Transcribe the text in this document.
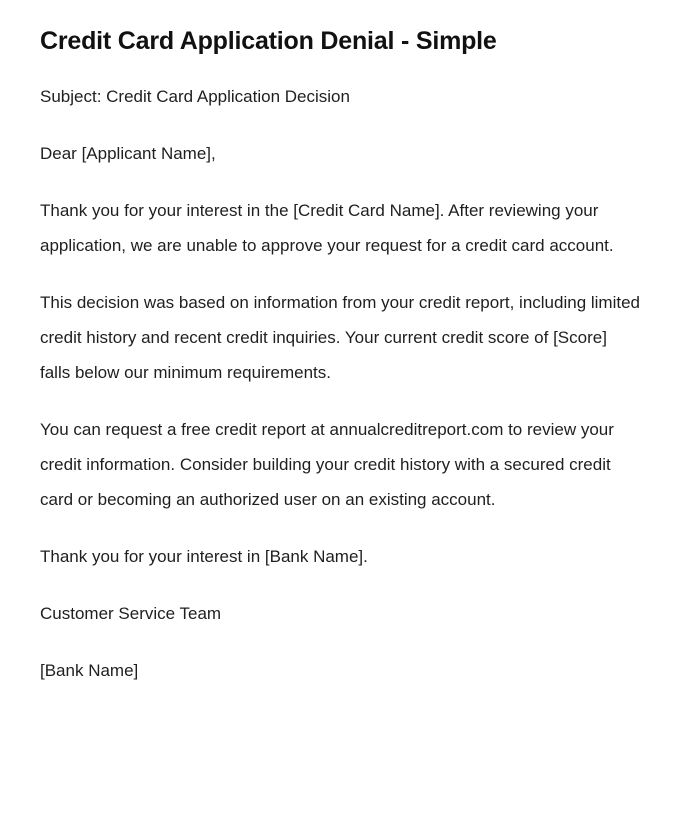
Credit Card Application Denial - Simple

Subject: Credit Card Application Decision

Dear [Applicant Name],

Thank you for your interest in the [Credit Card Name]. After reviewing your application, we are unable to approve your request for a credit card account.

This decision was based on information from your credit report, including limited credit history and recent credit inquiries. Your current credit score of [Score] falls below our minimum requirements.

You can request a free credit report at annualcreditreport.com to review your credit information. Consider building your credit history with a secured credit card or becoming an authorized user on an existing account.

Thank you for your interest in [Bank Name].

Customer Service Team

[Bank Name]
